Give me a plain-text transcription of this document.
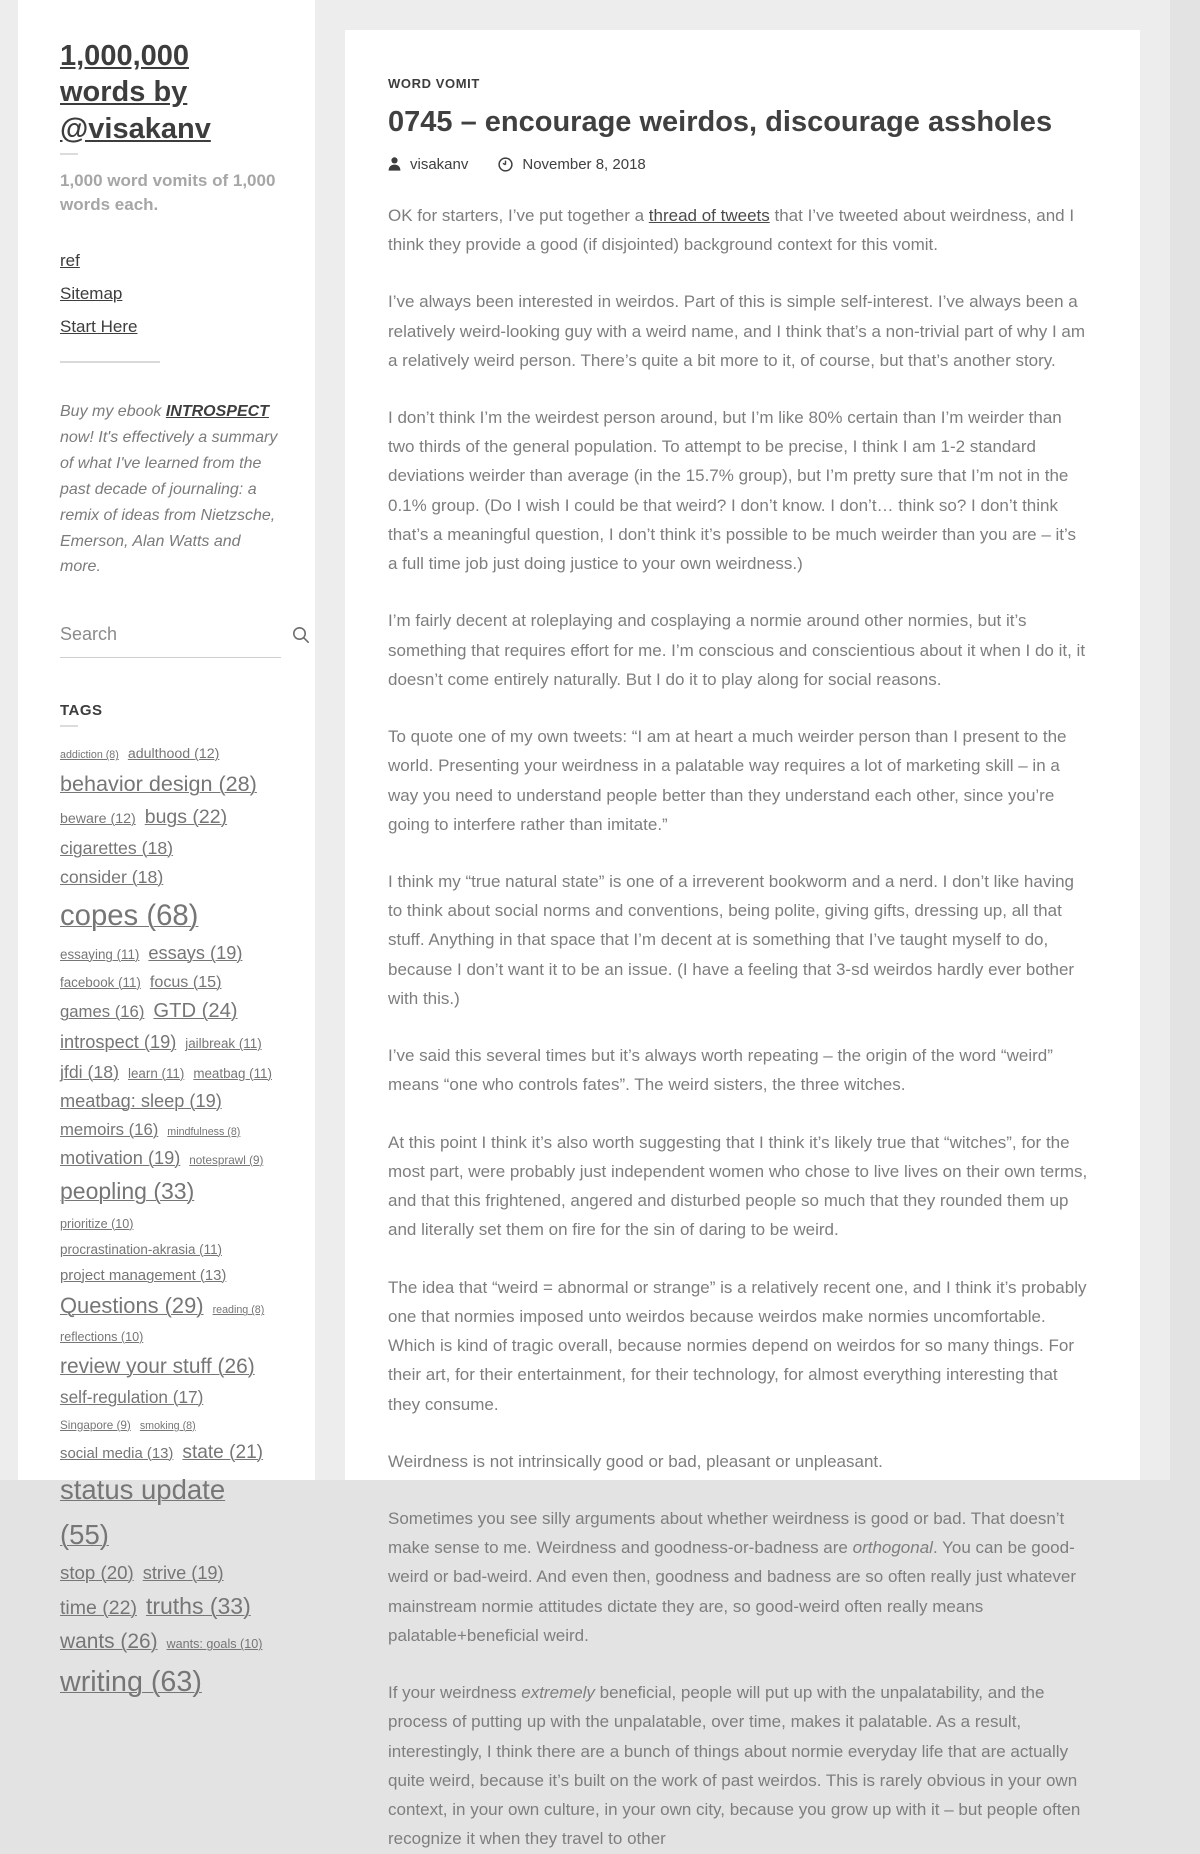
1,000,000 words by @visakanv

1,000 word vomits of 1,000 words each.

ref
Sitemap
Start Here

Buy my ebook INTROSPECT now! It's effectively a summary of what I've learned from the past decade of journaling: a remix of ideas from Nietzsche, Emerson, Alan Watts and more.

Search
TAGS
addiction (8) adulthood (12)behavior design (28)beware (12) bugs (22)cigarettes (18)consider (18)copes (68)essaying (11) essays (19)facebook (11) focus (15)games (16) GTD (24)introspect (19) jailbreak (11)jfdi (18) learn (11) meatbag (11)meatbag: sleep (19)memoirs (16) mindfulness (8)motivation (19) notesprawl (9)peopling (33)prioritize (10)procrastination-akrasia (11)project management (13)Questions (29) reading (8)reflections (10)review your stuff (26)self-regulation (17)Singapore (9) smoking (8)social media (13) state (21)status update (55)stop (20) strive (19)time (22) truths (33)wants (26) wants: goals (10)writing (63)
WORD VOMIT
0745 – encourage weirdos, discourage assholes
visakanv	November 8, 2018

OK for starters, I’ve put together a thread of tweets that I’ve tweeted about weirdness, and I think they provide a good (if disjointed) background context for this vomit.

I’ve always been interested in weirdos. Part of this is simple self-interest. I’ve always been a relatively weird-looking guy with a weird name, and I think that’s a non-trivial part of why I am a relatively weird person. There’s quite a bit more to it, of course, but that’s another story.

I don’t think I’m the weirdest person around, but I’m like 80% certain than I’m weirder than two thirds of the general population. To attempt to be precise, I think I am 1-2 standard deviations weirder than average (in the 15.7% group), but I’m pretty sure that I’m not in the 0.1% group. (Do I wish I could be that weird? I don’t know. I don’t… think so? I don’t think that’s a meaningful question, I don’t think it’s possible to be much weirder than you are – it’s a full time job just doing justice to your own weirdness.)

I’m fairly decent at roleplaying and cosplaying a normie around other normies, but it’s something that requires effort for me. I’m conscious and conscientious about it when I do it, it doesn’t come entirely naturally. But I do it to play along for social reasons.

To quote one of my own tweets: “I am at heart a much weirder person than I present to the world. Presenting your weirdness in a palatable way requires a lot of marketing skill – in a way you need to understand people better than they understand each other, since you’re going to interfere rather than imitate.”

I think my “true natural state” is one of a irreverent bookworm and a nerd. I don’t like having to think about social norms and conventions, being polite, giving gifts, dressing up, all that stuff. Anything in that space that I’m decent at is something that I’ve taught myself to do, because I don’t want it to be an issue. (I have a feeling that 3-sd weirdos hardly ever bother with this.)

I’ve said this several times but it’s always worth repeating – the origin of the word “weird” means “one who controls fates”. The weird sisters, the three witches.

At this point I think it’s also worth suggesting that I think it’s likely true that “witches”, for the most part, were probably just independent women who chose to live lives on their own terms, and that this frightened, angered and disturbed people so much that they rounded them up and literally set them on fire for the sin of daring to be weird.

The idea that “weird = abnormal or strange” is a relatively recent one, and I think it’s probably one that normies imposed unto weirdos because weirdos make normies uncomfortable. Which is kind of tragic overall, because normies depend on weirdos for so many things. For their art, for their entertainment, for their technology, for almost everything interesting that they consume.

Weirdness is not intrinsically good or bad, pleasant or unpleasant.

Sometimes you see silly arguments about whether weirdness is good or bad. That doesn’t make sense to me. Weirdness and goodness-or-badness are orthogonal. You can be good-weird or bad-weird. And even then, goodness and badness are so often really just whatever mainstream normie attitudes dictate they are, so good-weird often really means palatable+beneficial weird.

If your weirdness extremely beneficial, people will put up with the unpalatability, and the process of putting up with the unpalatable, over time, makes it palatable. As a result, interestingly, I think there are a bunch of things about normie everyday life that are actually quite weird, because it’s built on the work of past weirdos. This is rarely obvious in your own context, in your own culture, in your own city, because you grow up with it – but people often recognize it when they travel to other
